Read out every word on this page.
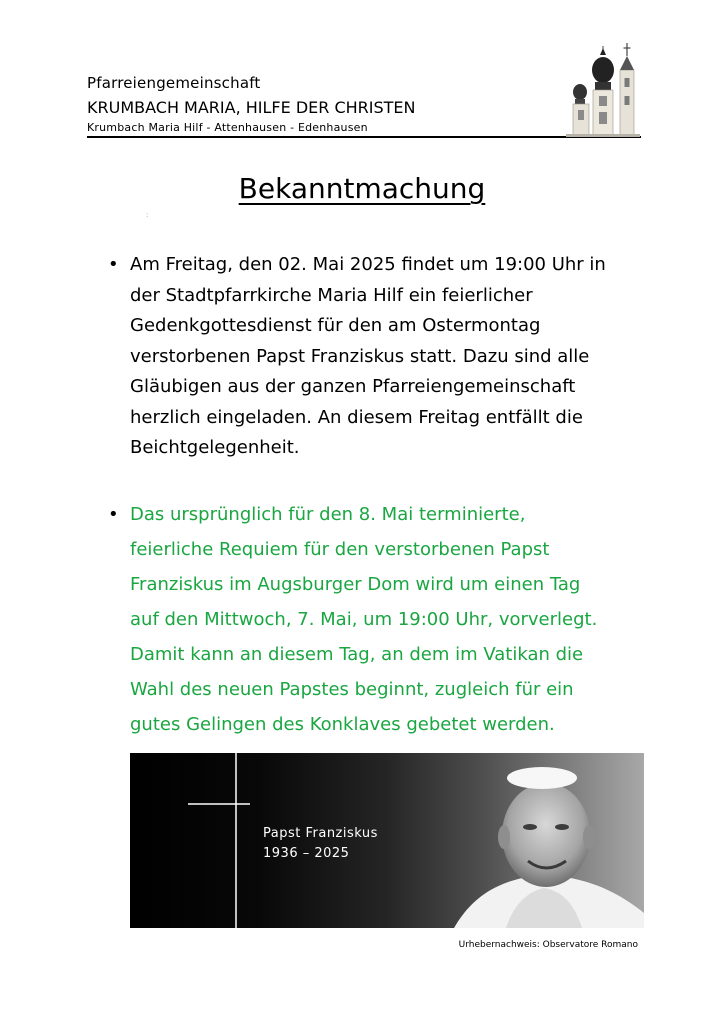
Pfarreiengemeinschaft
KRUMBACH MARIA, HILFE DER CHRISTEN
Krumbach Maria Hilf - Attenhausen - Edenhausen
Bekanntmachung
:
• Am Freitag, den 02. Mai 2025 findet um 19:00 Uhr in
der Stadtpfarrkirche Maria Hilf ein feierlicher
Gedenkgottesdienst für den am Ostermontag
verstorbenen Papst Franziskus statt. Dazu sind alle
Gläubigen aus der ganzen Pfarreiengemeinschaft
herzlich eingeladen. An diesem Freitag entfällt die
Beichtgelegenheit.
• Das ursprünglich für den 8. Mai terminierte,
feierliche Requiem für den verstorbenen Papst
Franziskus im Augsburger Dom wird um einen Tag
auf den Mittwoch, 7. Mai, um 19:00 Uhr, vorverlegt.
Damit kann an diesem Tag, an dem im Vatikan die
Wahl des neuen Papstes beginnt, zugleich für ein
gutes Gelingen des Konklaves gebetet werden.
Papst Franziskus
1936 – 2025
Urhebernachweis: Observatore Romano
